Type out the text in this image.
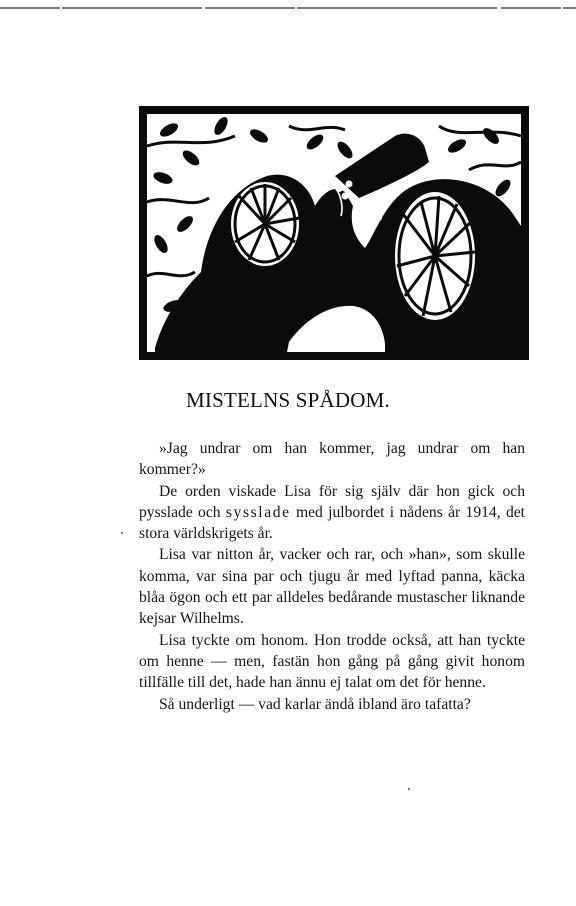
MISTELNS SPÅDOM.

»Jag undrar om han kommer, jag undrar om han kommer?»

De orden viskade Lisa för sig själv där hon gick och pysslade och sysslade med julbordet i nådens år 1914, det stora världskrigets år.

Lisa var nitton år, vacker och rar, och »han», som skulle komma, var sina par och tjugu år med lyftad panna, käcka blåa ögon och ett par alldeles bedårande mustascher liknande kejsar Wilhelms.

Lisa tyckte om honom. Hon trodde också, att han tyckte om henne — men, fastän hon gång på gång givit honom tillfälle till det, hade han ännu ej talat om det för henne.

Så underligt — vad karlar ändå ibland äro tafatta?
